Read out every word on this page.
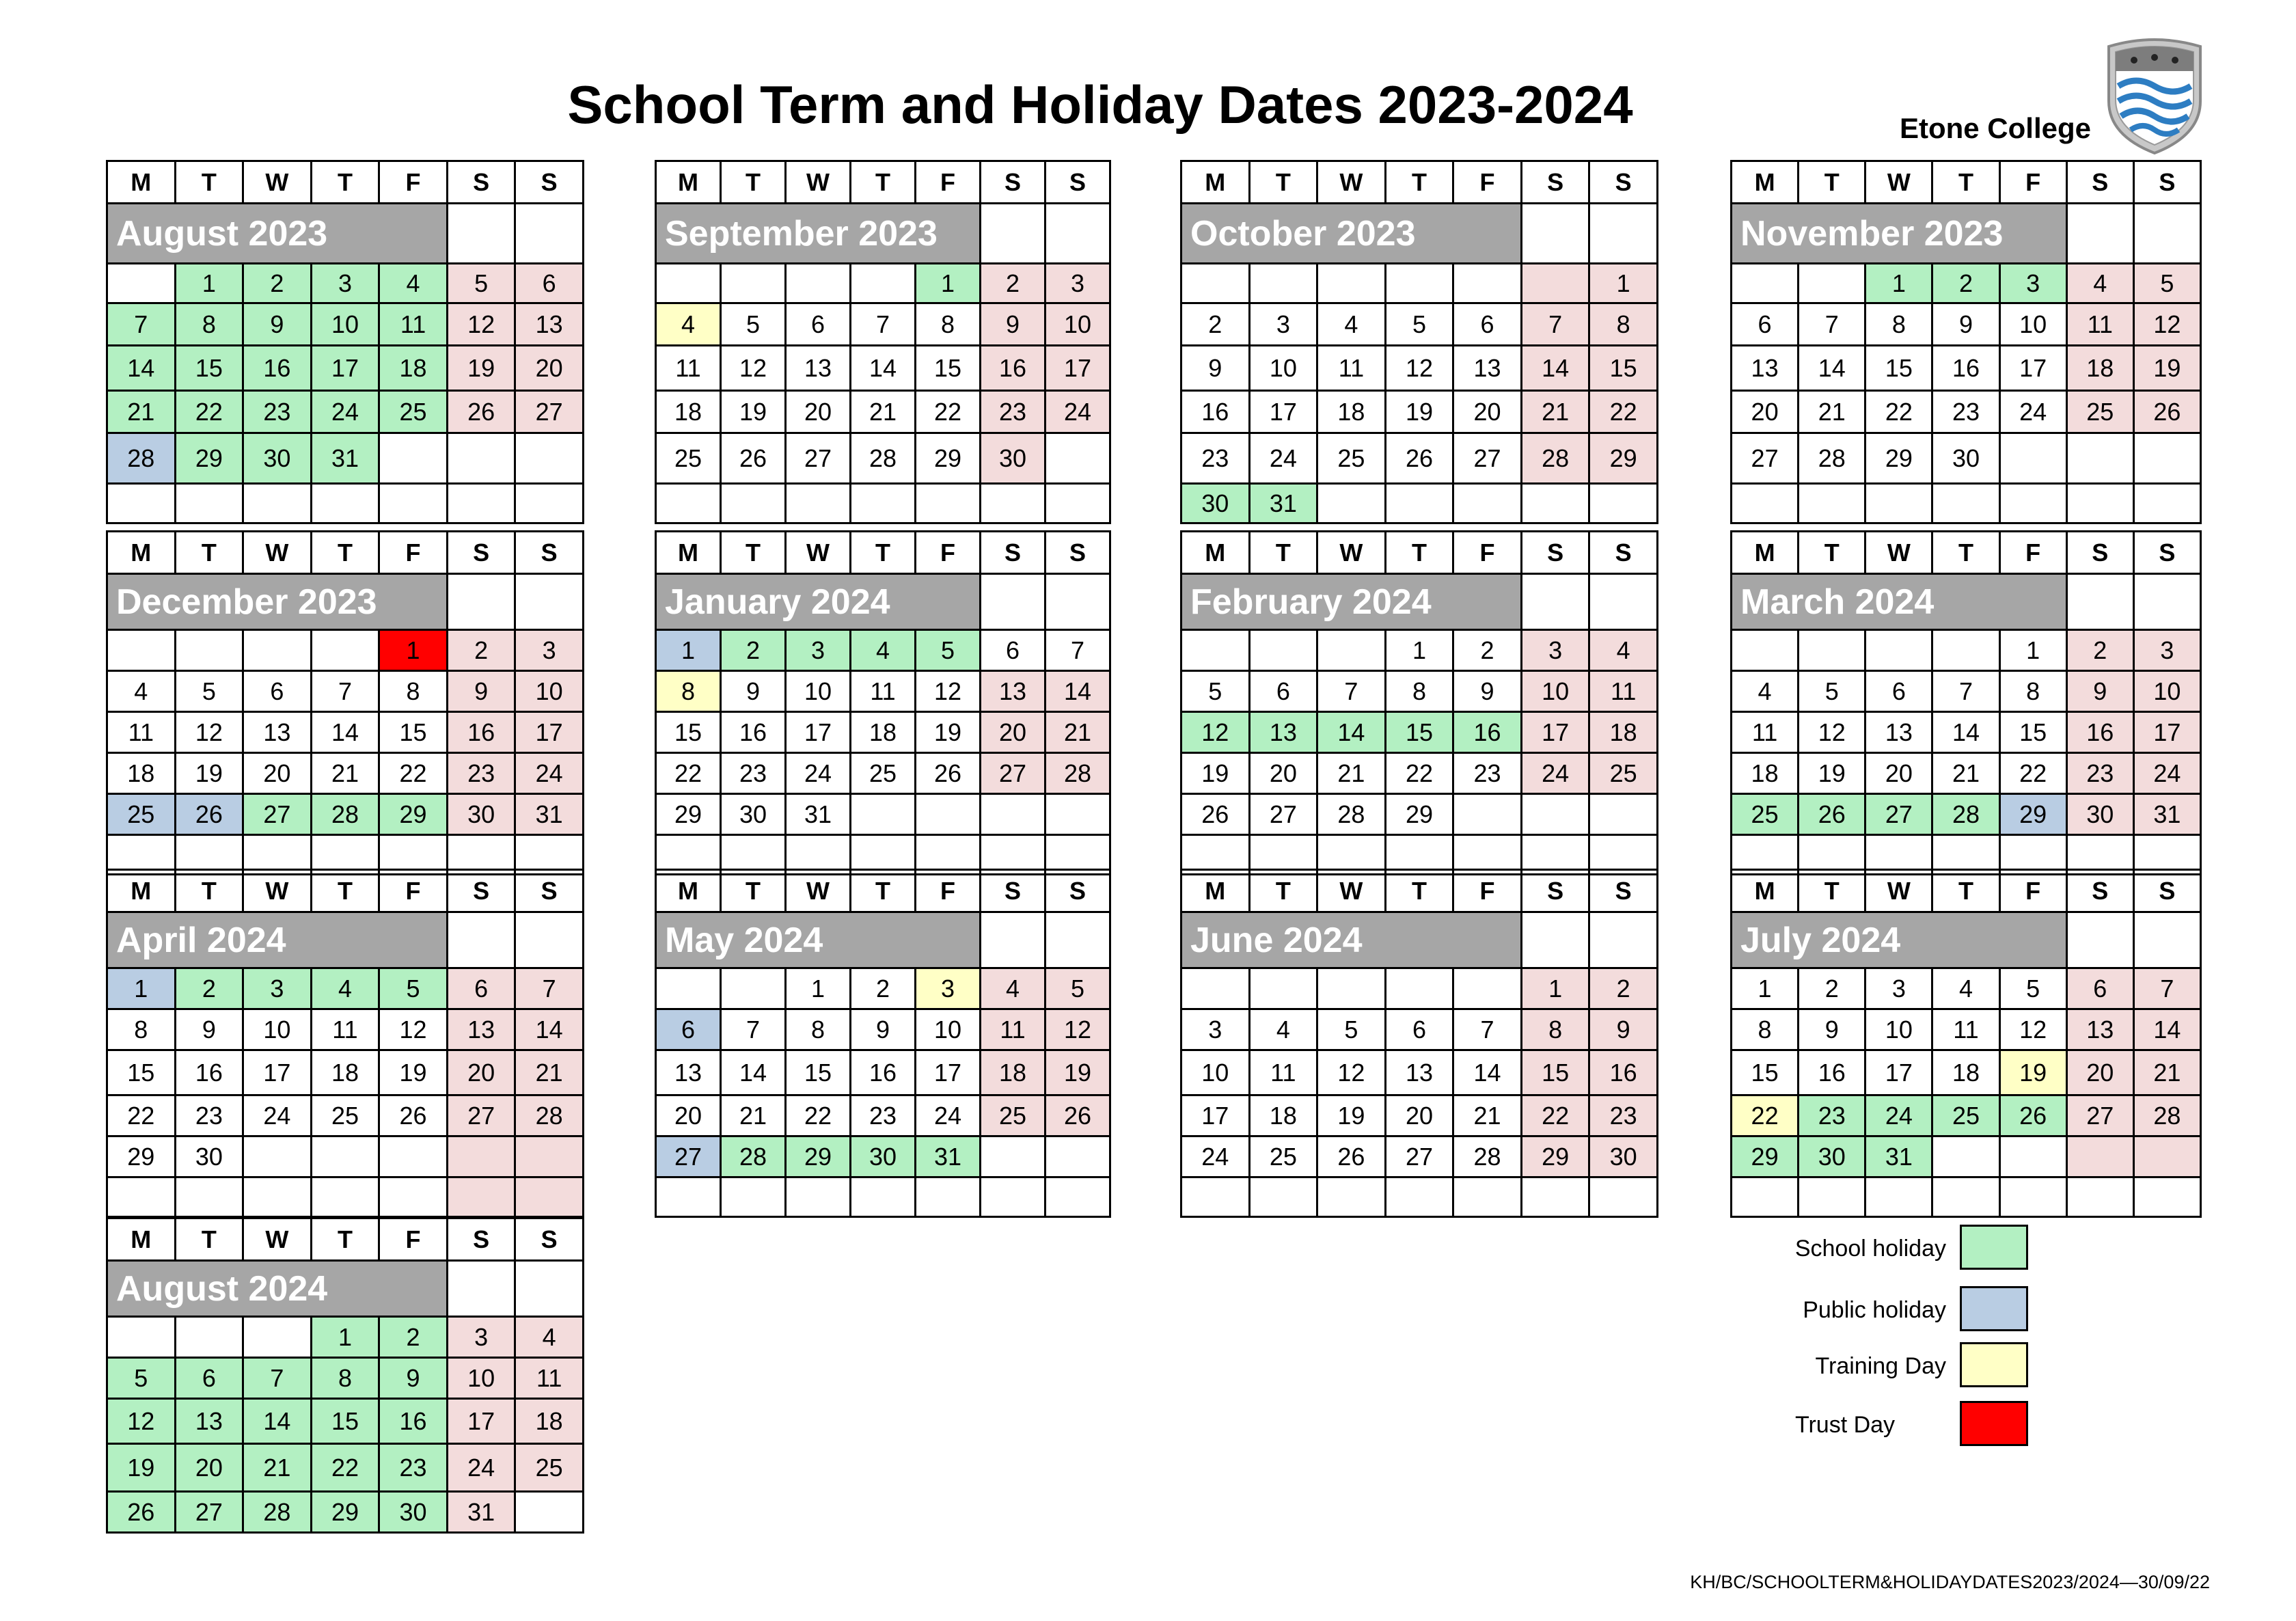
School Term and Holiday Dates 2023-2024	Etone College
M	T	W	T	F	S	S
August 2023						
	1	2	3	4	5	6
7	8	9	10	11	12	13
14	15	16	17	18	19	20
21	22	23	24	25	26	27
28	29	30	31			

M	T	W	T	F	S	S
September 2023						
				1	2	3
4	5	6	7	8	9	10
11	12	13	14	15	16	17
18	19	20	21	22	23	24
25	26	27	28	29	30	

M	T	W	T	F	S	S
October 2023						
						1
2	3	4	5	6	7	8
9	10	11	12	13	14	15
16	17	18	19	20	21	22
23	24	25	26	27	28	29
30	31					
M	T	W	T	F	S	S
November 2023						
		1	2	3	4	5
6	7	8	9	10	11	12
13	14	15	16	17	18	19
20	21	22	23	24	25	26
27	28	29	30			

M	T	W	T	F	S	S
December 2023						
				1	2	3
4	5	6	7	8	9	10
11	12	13	14	15	16	17
18	19	20	21	22	23	24
25	26	27	28	29	30	31

M	T	W	T	F	S	S
January 2024						
1	2	3	4	5	6	7
8	9	10	11	12	13	14
15	16	17	18	19	20	21
22	23	24	25	26	27	28
29	30	31				

M	T	W	T	F	S	S
February 2024						
			1	2	3	4
5	6	7	8	9	10	11
12	13	14	15	16	17	18
19	20	21	22	23	24	25
26	27	28	29			

M	T	W	T	F	S	S
March 2024						
				1	2	3
4	5	6	7	8	9	10
11	12	13	14	15	16	17
18	19	20	21	22	23	24
25	26	27	28	29	30	31

M	T	W	T	F	S	S
April 2024						
1	2	3	4	5	6	7
8	9	10	11	12	13	14
15	16	17	18	19	20	21
22	23	24	25	26	27	28
29	30					

M	T	W	T	F	S	S
May 2024						
		1	2	3	4	5
6	7	8	9	10	11	12
13	14	15	16	17	18	19
20	21	22	23	24	25	26
27	28	29	30	31		

M	T	W	T	F	S	S
June 2024						
					1	2
3	4	5	6	7	8	9
10	11	12	13	14	15	16
17	18	19	20	21	22	23
24	25	26	27	28	29	30

M	T	W	T	F	S	S
July 2024						
1	2	3	4	5	6	7
8	9	10	11	12	13	14
15	16	17	18	19	20	21
22	23	24	25	26	27	28
29	30	31				

M	T	W	T	F	S	S
August 2024						
			1	2	3	4
5	6	7	8	9	10	11
12	13	14	15	16	17	18
19	20	21	22	23	24	25
26	27	28	29	30	31	
School holiday
Public holiday
Training Day
Trust Day
KH/BC/SCHOOLTERM&HOLIDAYDATES2023/2024—30/09/22
